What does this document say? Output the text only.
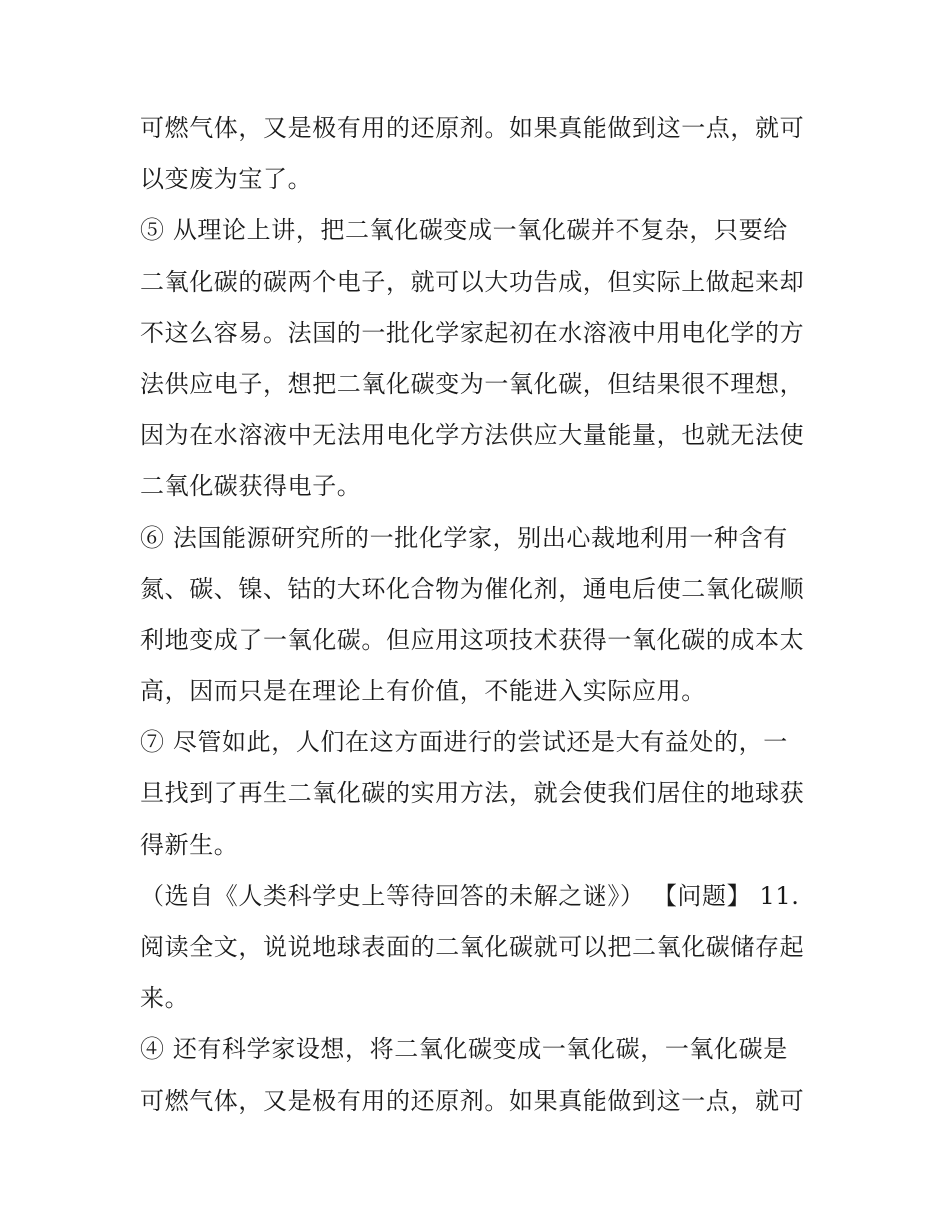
可燃气体，又是极有用的还原剂。如果真能做到这一点，就可
以变废为宝了。
⑤ 从理论上讲，把二氧化碳变成一氧化碳并不复杂，只要给
二氧化碳的碳两个电子，就可以大功告成，但实际上做起来却
不这么容易。法国的一批化学家起初在水溶液中用电化学的方
法供应电子，想把二氧化碳变为一氧化碳，但结果很不理想，
因为在水溶液中无法用电化学方法供应大量能量，也就无法使
二氧化碳获得电子。
⑥ 法国能源研究所的一批化学家，别出心裁地利用一种含有
氮、碳、镍、钴的大环化合物为催化剂，通电后使二氧化碳顺
利地变成了一氧化碳。但应用这项技术获得一氧化碳的成本太
高，因而只是在理论上有价值，不能进入实际应用。
⑦ 尽管如此，人们在这方面进行的尝试还是大有益处的，一
旦找到了再生二氧化碳的实用方法，就会使我们居住的地球获
得新生。
（选自《人类科学史上等待回答的未解之谜》） 【问题】 11.
阅读全文，说说地球表面的二氧化碳就可以把二氧化碳储存起
来。
④ 还有科学家设想，将二氧化碳变成一氧化碳，一氧化碳是
可燃气体，又是极有用的还原剂。如果真能做到这一点，就可
